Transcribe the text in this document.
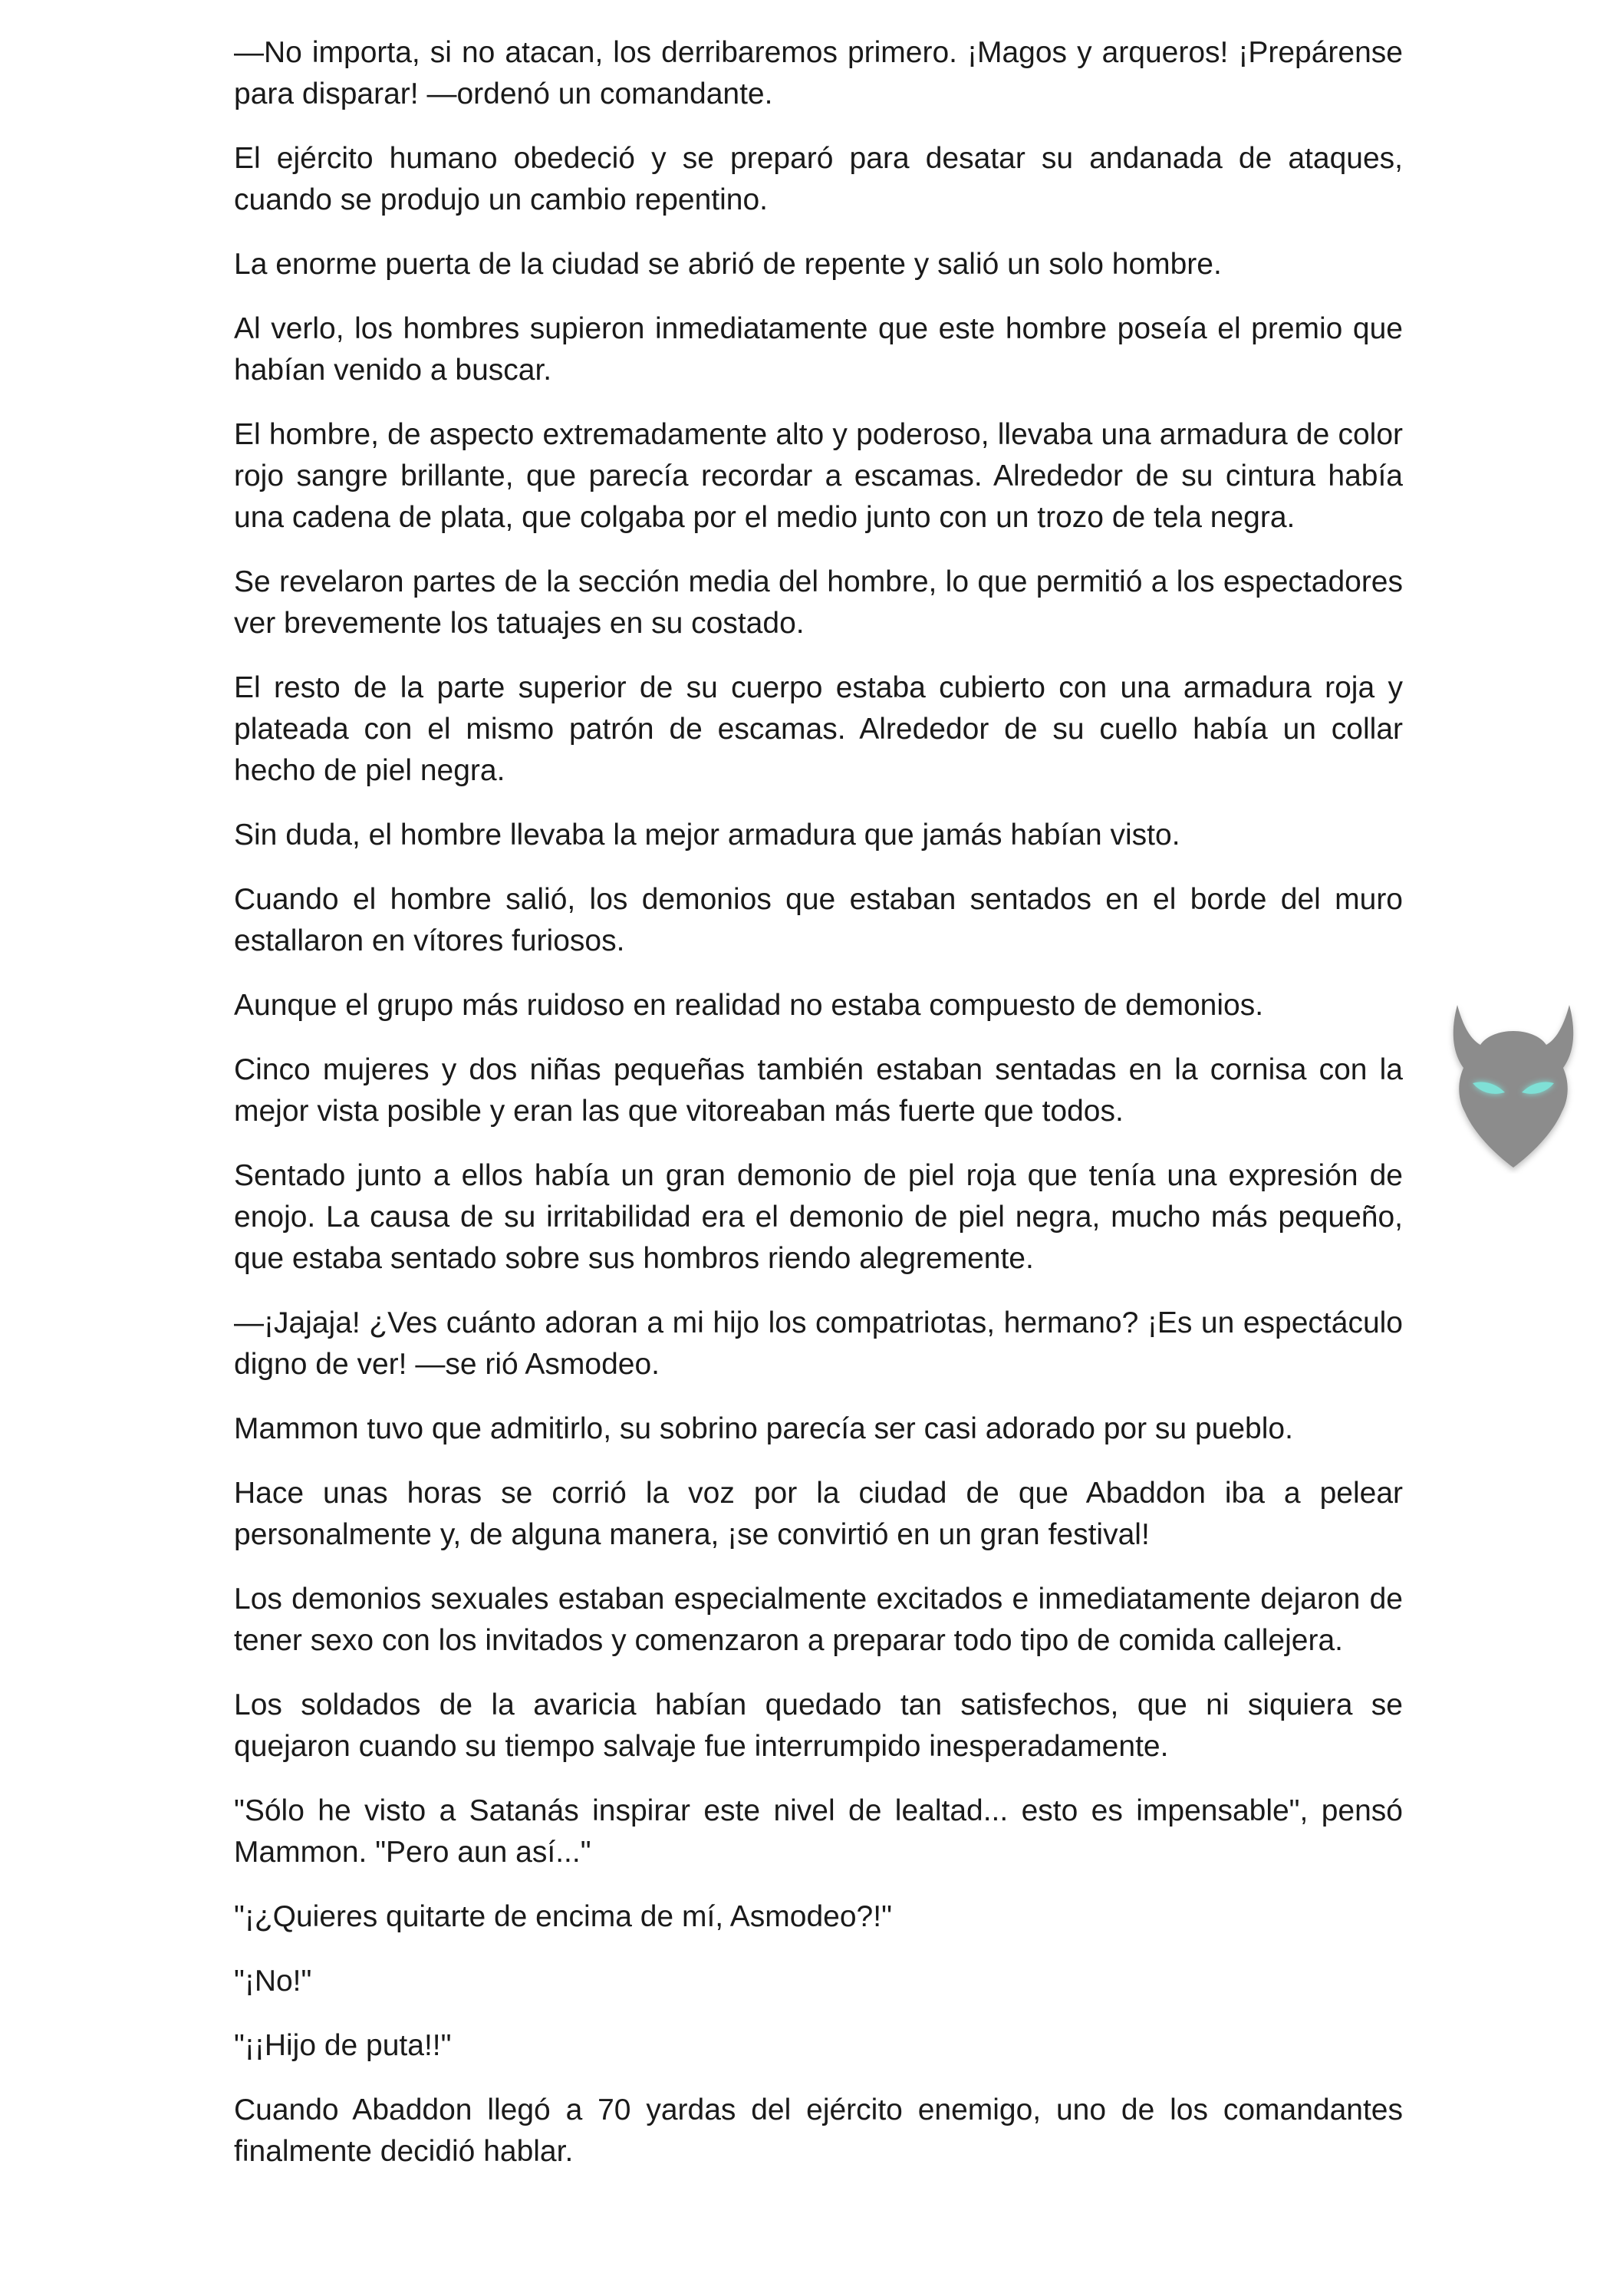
—No importa, si no atacan, los derribaremos primero. ¡Magos y arqueros! ¡Prepárense para disparar! —ordenó un comandante.

El ejército humano obedeció y se preparó para desatar su andanada de ataques, cuando se produjo un cambio repentino.

La enorme puerta de la ciudad se abrió de repente y salió un solo hombre.

Al verlo, los hombres supieron inmediatamente que este hombre poseía el premio que habían venido a buscar.

El hombre, de aspecto extremadamente alto y poderoso, llevaba una armadura de color rojo sangre brillante, que parecía recordar a escamas. Alrededor de su cintura había una cadena de plata, que colgaba por el medio junto con un trozo de tela negra.

Se revelaron partes de la sección media del hombre, lo que permitió a los espectadores ver brevemente los tatuajes en su costado.

El resto de la parte superior de su cuerpo estaba cubierto con una armadura roja y plateada con el mismo patrón de escamas. Alrededor de su cuello había un collar hecho de piel negra.

Sin duda, el hombre llevaba la mejor armadura que jamás habían visto.

Cuando el hombre salió, los demonios que estaban sentados en el borde del muro estallaron en vítores furiosos.

Aunque el grupo más ruidoso en realidad no estaba compuesto de demonios.

Cinco mujeres y dos niñas pequeñas también estaban sentadas en la cornisa con la mejor vista posible y eran las que vitoreaban más fuerte que todos.

Sentado junto a ellos había un gran demonio de piel roja que tenía una expresión de enojo. La causa de su irritabilidad era el demonio de piel negra, mucho más pequeño, que estaba sentado sobre sus hombros riendo alegremente.

—¡Jajaja! ¿Ves cuánto adoran a mi hijo los compatriotas, hermano? ¡Es un espectáculo digno de ver! —se rió Asmodeo.

Mammon tuvo que admitirlo, su sobrino parecía ser casi adorado por su pueblo.

Hace unas horas se corrió la voz por la ciudad de que Abaddon iba a pelear personalmente y, de alguna manera, ¡se convirtió en un gran festival!

Los demonios sexuales estaban especialmente excitados e inmediatamente dejaron de tener sexo con los invitados y comenzaron a preparar todo tipo de comida callejera.

Los soldados de la avaricia habían quedado tan satisfechos, que ni siquiera se quejaron cuando su tiempo salvaje fue interrumpido inesperadamente.

"Sólo he visto a Satanás inspirar este nivel de lealtad... esto es impensable", pensó Mammon. "Pero aun así..."

"¡¿Quieres quitarte de encima de mí, Asmodeo?!"

"¡No!"

"¡¡Hijo de puta!!"

Cuando Abaddon llegó a 70 yardas del ejército enemigo, uno de los comandantes finalmente decidió hablar.
